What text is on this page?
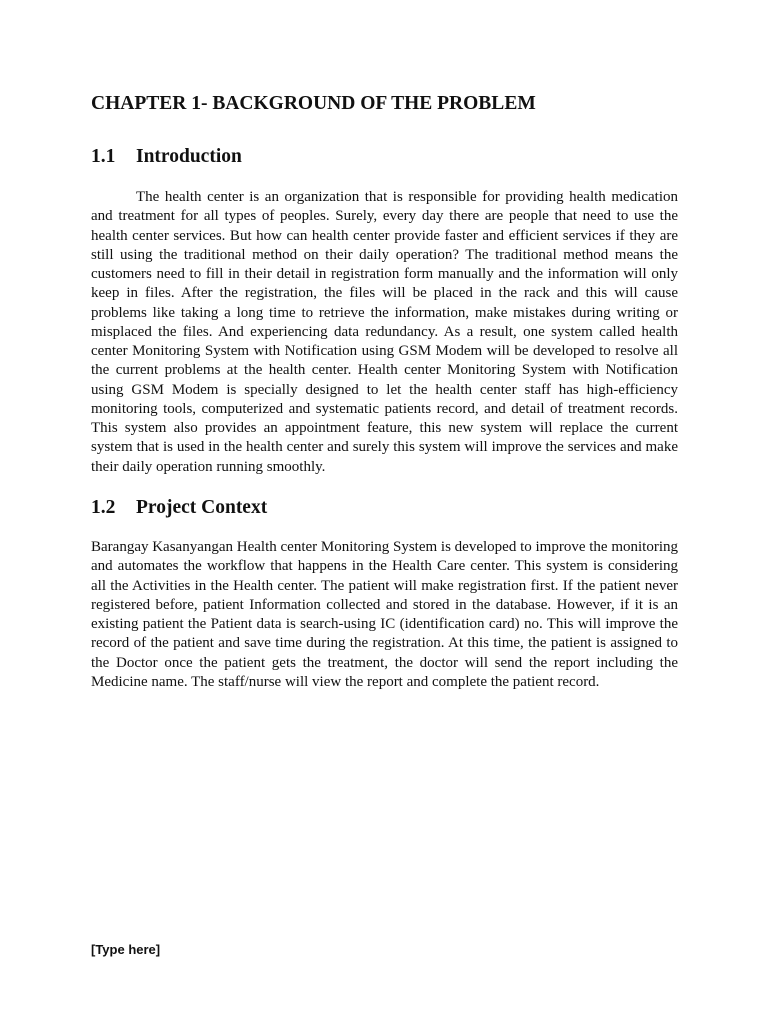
CHAPTER 1- BACKGROUND OF THE PROBLEM
1.1 Introduction

The health center is an organization that is responsible for providing health medication and treatment for all types of peoples. Surely, every day there are people that need to use the health center services. But how can health center provide faster and efficient services if they are still using the traditional method on their daily operation? The traditional method means the customers need to fill in their detail in registration form manually and the information will only keep in files. After the registration, the files will be placed in the rack and this will cause problems like taking a long time to retrieve the information, make mistakes during writing or misplaced the files. And experiencing data redundancy. As a result, one system called health center Monitoring System with Notification using GSM Modem will be developed to resolve all the current problems at the health center. Health center Monitoring System with Notification using GSM Modem is specially designed to let the health center staff has high-efficiency monitoring tools, computerized and systematic patients record, and detail of treatment records. This system also provides an appointment feature, this new system will replace the current system that is used in the health center and surely this system will improve the services and make their daily operation running smoothly.

1.2 Project Context

Barangay Kasanyangan Health center Monitoring System is developed to improve the monitoring and automates the workflow that happens in the Health Care center. This system is considering all the Activities in the Health center. The patient will make registration first. If the patient never registered before, patient Information collected and stored in the database. However, if it is an existing patient the Patient data is search-using IC (identification card) no. This will improve the record of the patient and save time during the registration. At this time, the patient is assigned to the Doctor once the patient gets the treatment, the doctor will send the report including the Medicine name. The staff/nurse will view the report and complete the patient record.

[Type here]
